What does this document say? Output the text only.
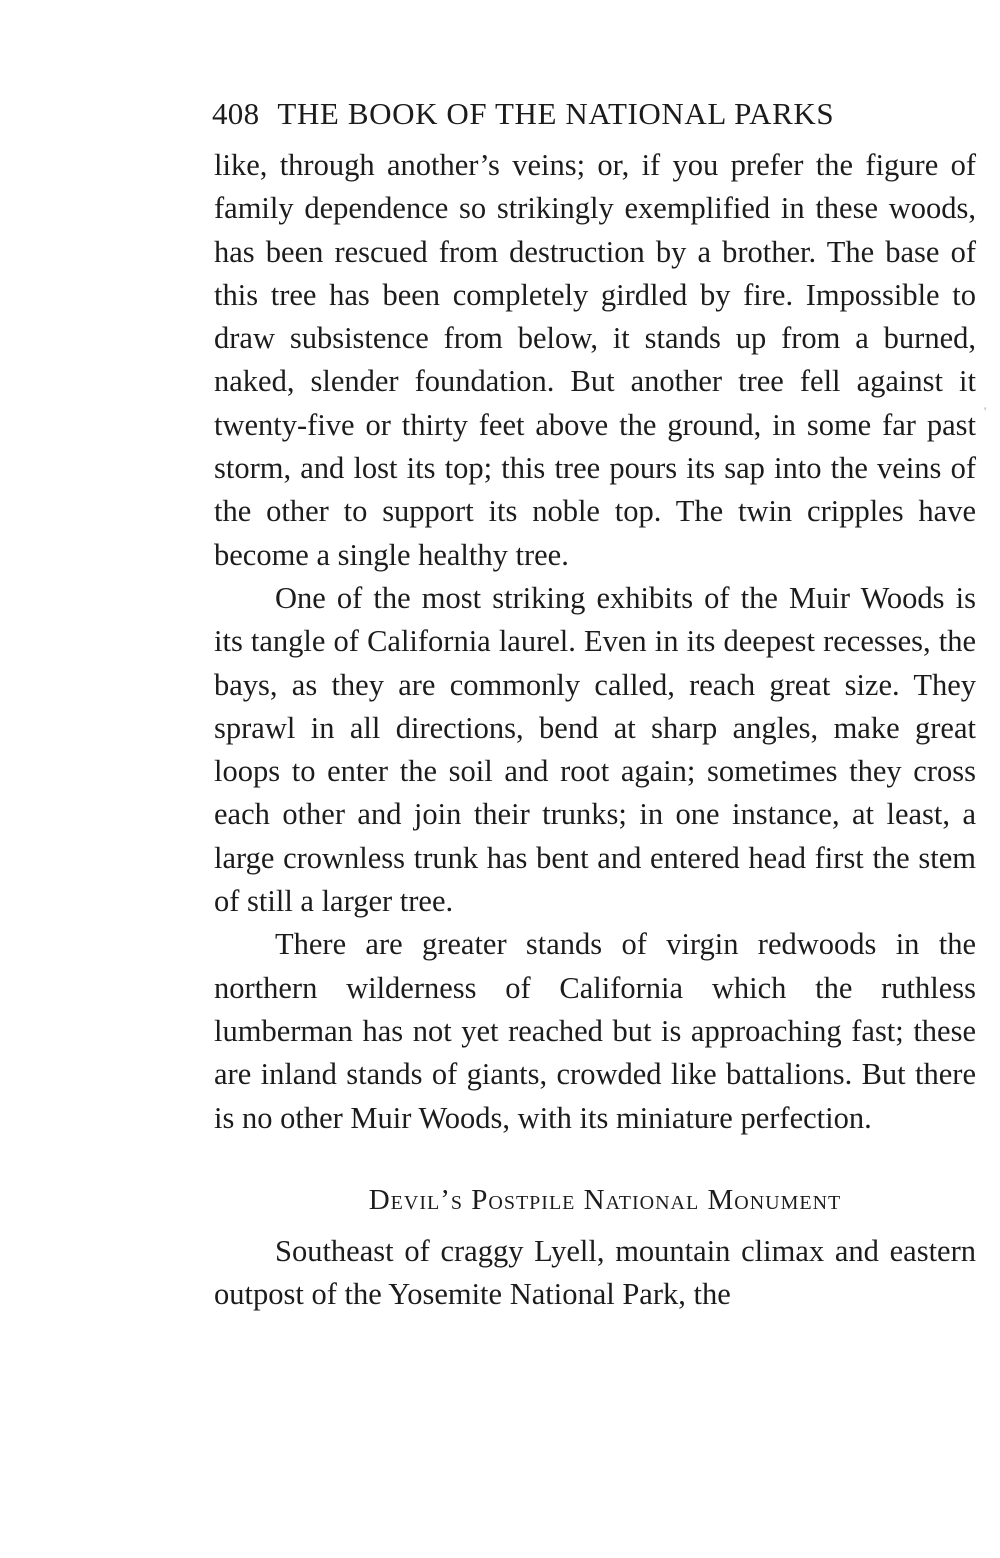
408 THE BOOK OF THE NATIONAL PARKS

like, through another’s veins; or, if you prefer the figure of family dependence so strikingly exemplified in these woods, has been rescued from destruction by a brother. The base of this tree has been completely girdled by fire. Impossible to draw subsistence from below, it stands up from a burned, naked, slender foundation. But another tree fell against it twenty-five or thirty feet above the ground, in some far past storm, and lost its top; this tree pours its sap into the veins of the other to support its noble top. The twin cripples have become a single healthy tree.

One of the most striking exhibits of the Muir Woods is its tangle of California laurel. Even in its deepest recesses, the bays, as they are commonly called, reach great size. They sprawl in all directions, bend at sharp angles, make great loops to enter the soil and root again; sometimes they cross each other and join their trunks; in one instance, at least, a large crownless trunk has bent and entered head first the stem of still a larger tree.

There are greater stands of virgin redwoods in the northern wilderness of California which the ruthless lumberman has not yet reached but is approaching fast; these are inland stands of giants, crowded like battalions. But there is no other Muir Woods, with its miniature perfection.

Devil’s Postpile National Monument

Southeast of craggy Lyell, mountain climax and eastern outpost of the Yosemite National Park, the

'
